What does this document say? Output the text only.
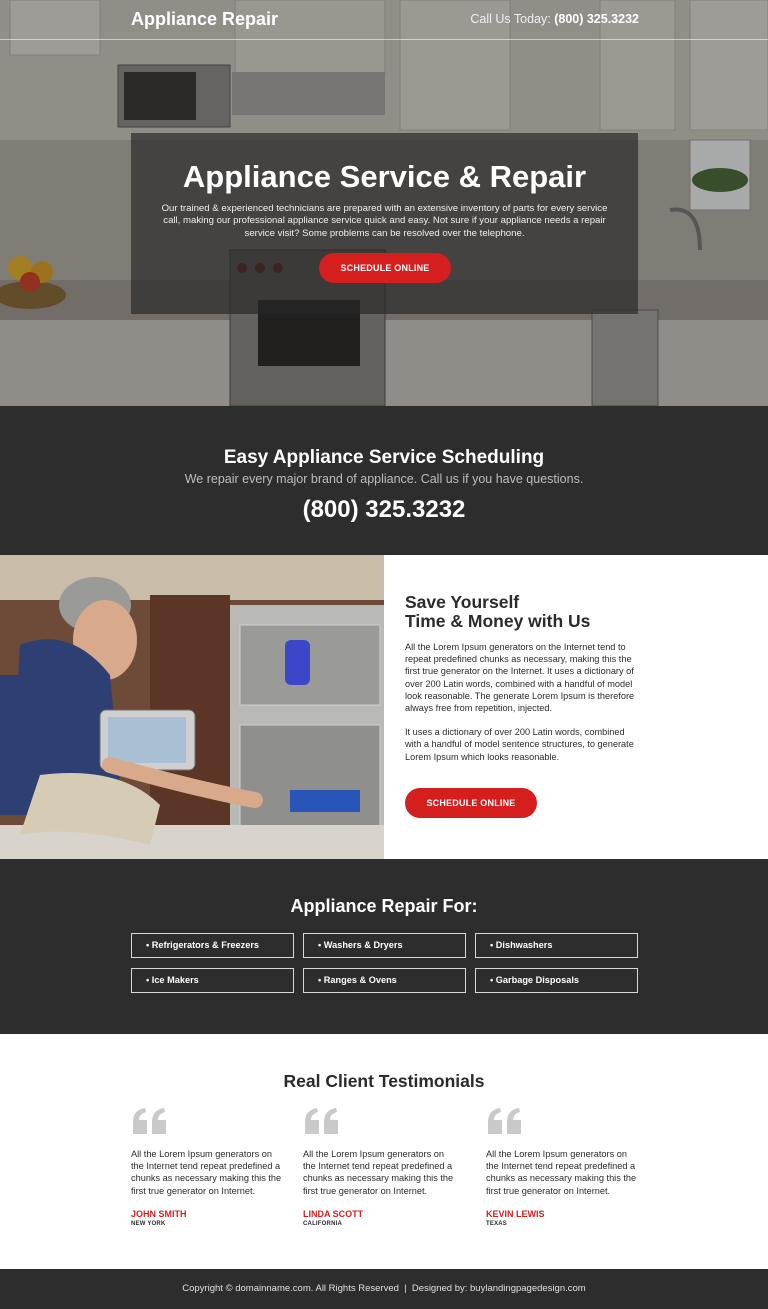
Appliance Repair	Call Us Today: (800) 325.3232
Appliance Service & Repair
Our trained & experienced technicians are prepared with an extensive inventory of parts for every service call, making our professional appliance service quick and easy. Not sure if your appliance needs a repair service visit? Some problems can be resolved over the telephone.
SCHEDULE ONLINE
Easy Appliance Service Scheduling
We repair every major brand of appliance. Call us if you have questions.
(800) 325.3232
Save Yourself
Time & Money with Us

All the Lorem Ipsum generators on the Internet tend to repeat predefined chunks as necessary, making this the first true generator on the Internet. It uses a dictionary of over 200 Latin words, combined with a handful of model look reasonable. The generate Lorem Ipsum is therefore always free from repetition, injected.

It uses a dictionary of over 200 Latin words, combined with a handful of model sentence structures, to generate Lorem Ipsum which looks reasonable.

SCHEDULE ONLINE
Appliance Repair For:
• Refrigerators & Freezers	• Washers & Dryers	• Dishwashers
• Ice Makers	• Ranges & Ovens	• Garbage Disposals
Real Client Testimonials

All the Lorem Ipsum generators on the Internet tend repeat predefined a chunks as necessary making this the first true generator on Internet.

JOHN SMITH
NEW YORK

All the Lorem Ipsum generators on the Internet tend repeat predefined a chunks as necessary making this the first true generator on Internet.

LINDA SCOTT
CALIFORNIA

All the Lorem Ipsum generators on the Internet tend repeat predefined a chunks as necessary making this the first true generator on Internet.

KEVIN LEWIS
TEXAS
Copyright © domainname.com. All Rights Reserved  |  Designed by: buylandingpagedesign.com
